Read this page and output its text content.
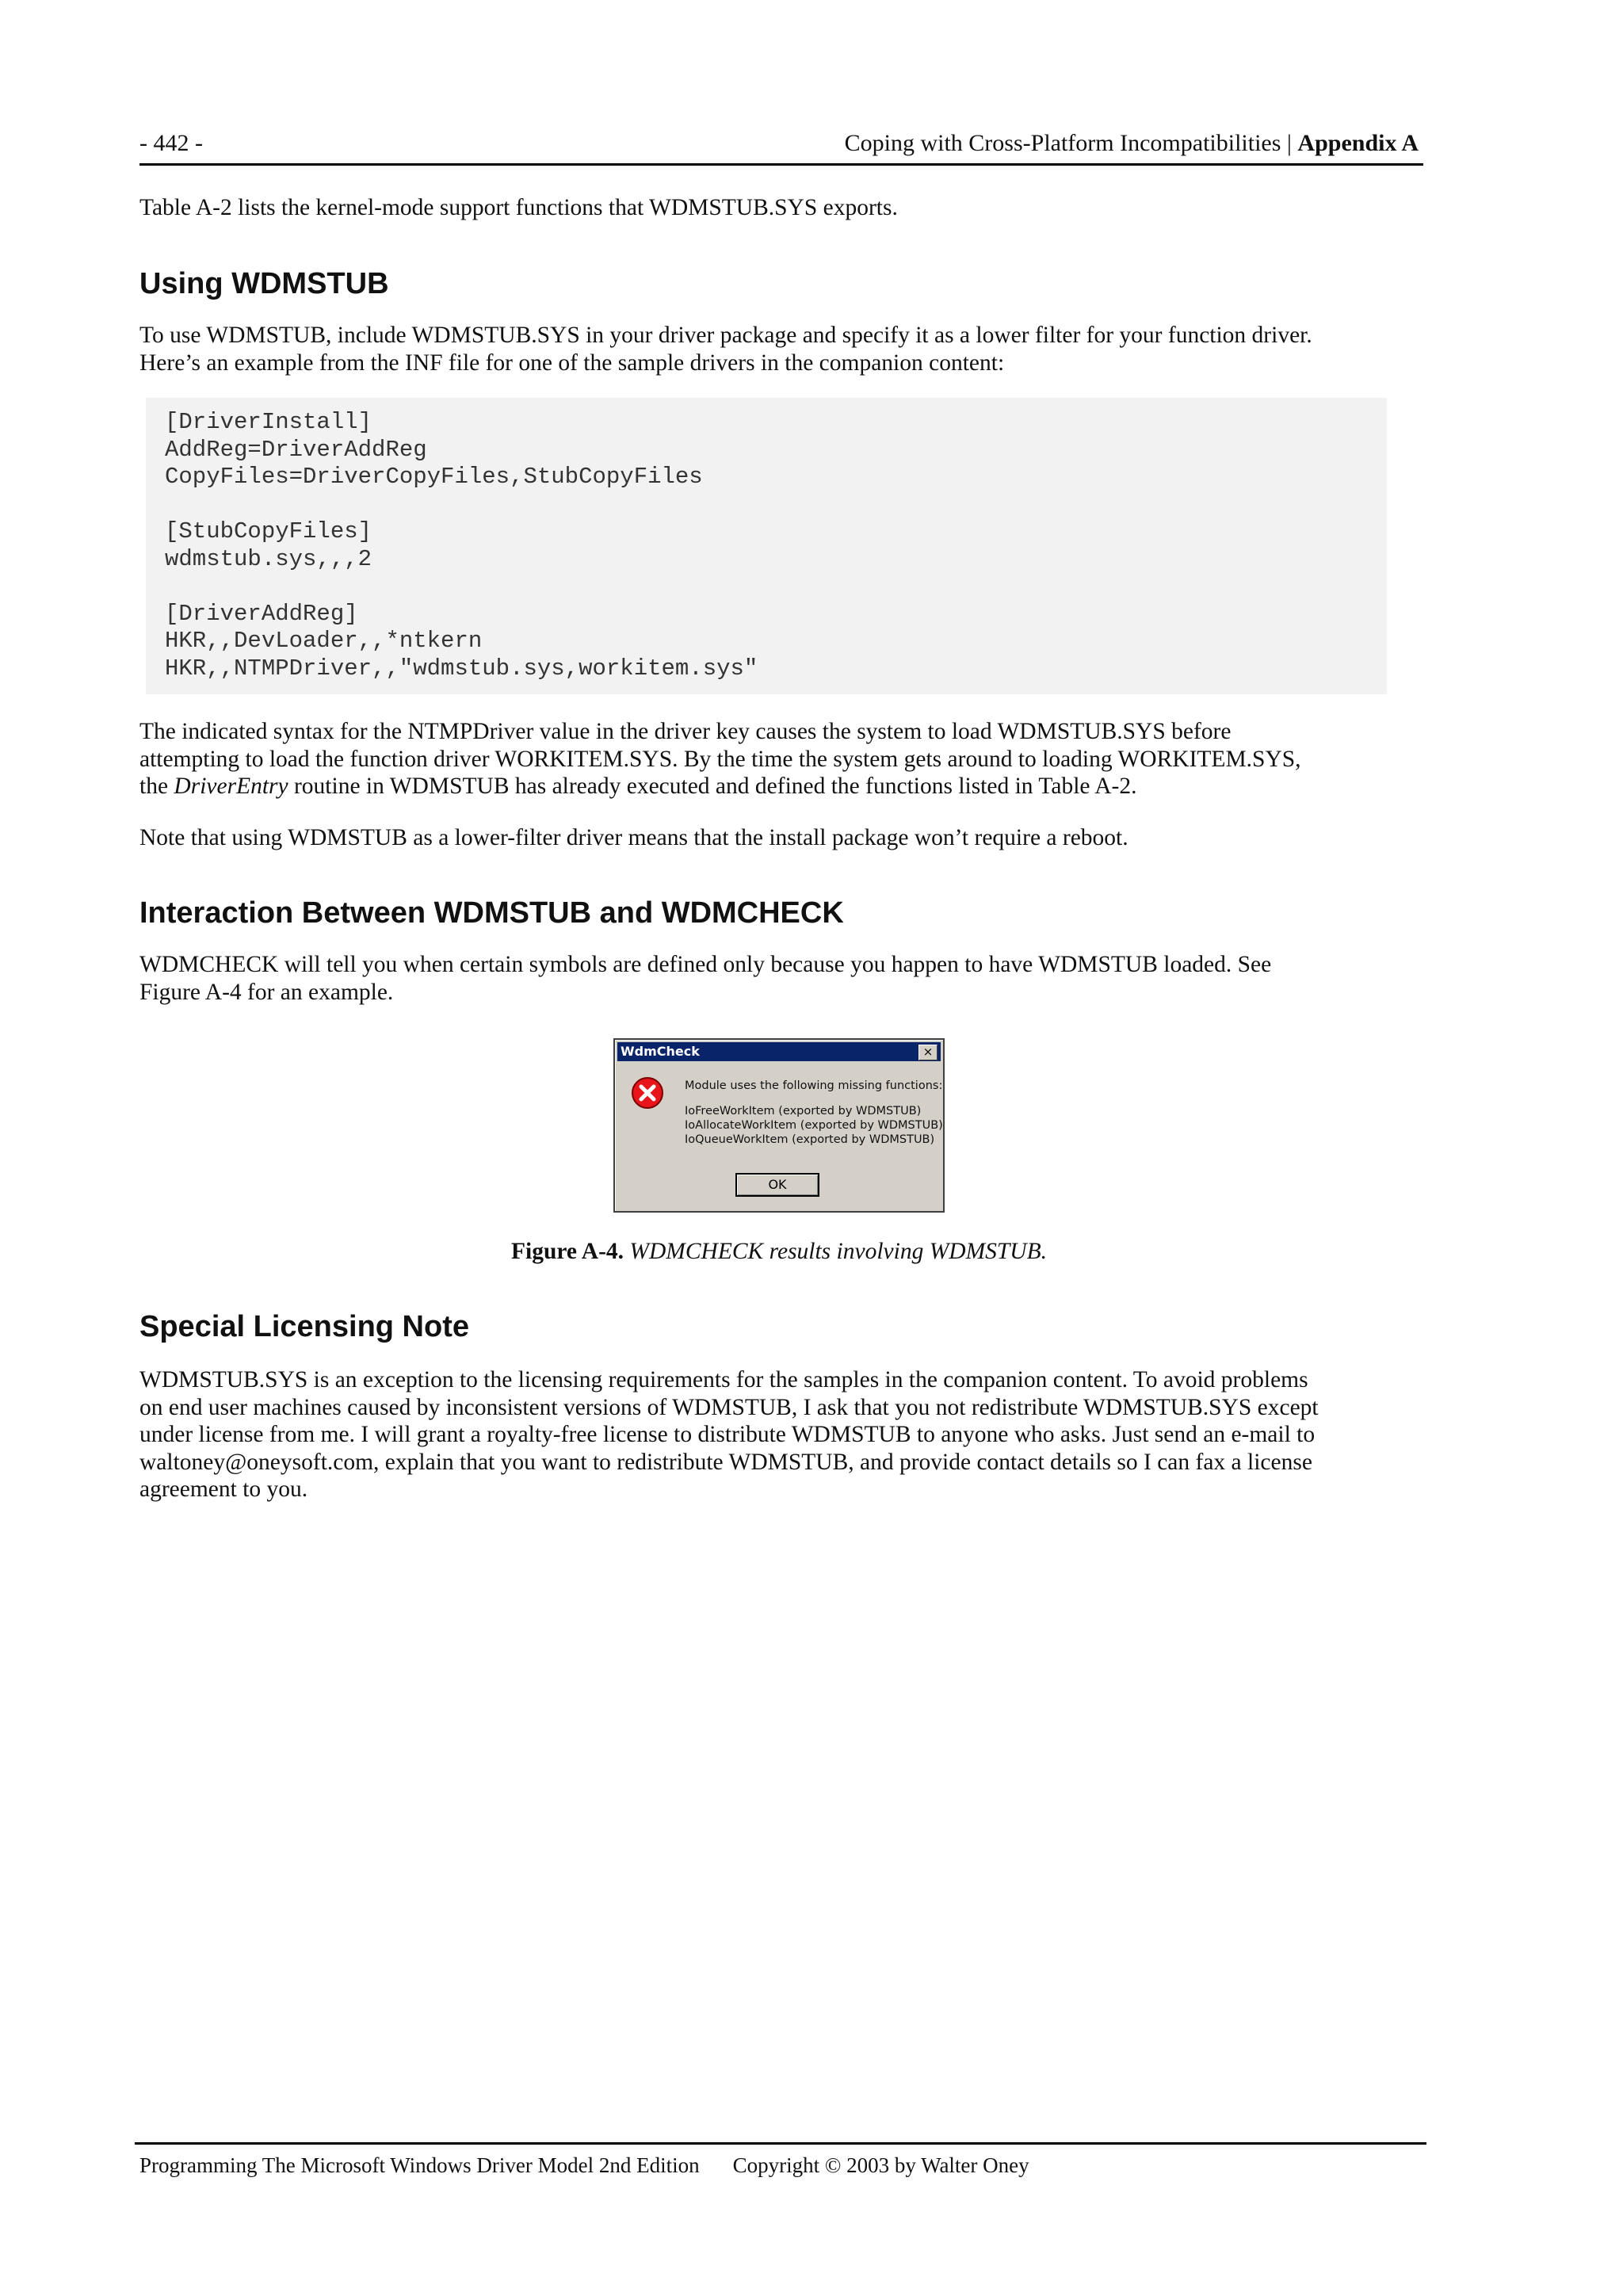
- 442 -	Coping with Cross-Platform Incompatibilities | Appendix A
Table A-2 lists the kernel-mode support functions that WDMSTUB.SYS exports.
Using WDMSTUB
To use WDMSTUB, include WDMSTUB.SYS in your driver package and specify it as a lower filter for your function driver.
Here’s an example from the INF file for one of the sample drivers in the companion content:
[DriverInstall]
AddReg=DriverAddReg
CopyFiles=DriverCopyFiles,StubCopyFiles

[StubCopyFiles]
wdmstub.sys,,,2

[DriverAddReg]
HKR,,DevLoader,,*ntkern
HKR,,NTMPDriver,,"wdmstub.sys,workitem.sys"
The indicated syntax for the NTMPDriver value in the driver key causes the system to load WDMSTUB.SYS before
attempting to load the function driver WORKITEM.SYS. By the time the system gets around to loading WORKITEM.SYS,
the DriverEntry routine in WDMSTUB has already executed and defined the functions listed in Table A-2.
Note that using WDMSTUB as a lower-filter driver means that the install package won’t require a reboot.
Interaction Between WDMSTUB and WDMCHECK
WDMCHECK will tell you when certain symbols are defined only because you happen to have WDMSTUB loaded. See
Figure A-4 for an example.
WdmCheck	×
Module uses the following missing functions:
IoFreeWorkItem (exported by WDMSTUB)
IoAllocateWorkItem (exported by WDMSTUB)
IoQueueWorkItem (exported by WDMSTUB)
OK
Figure A-4. WDMCHECK results involving WDMSTUB.
Special Licensing Note
WDMSTUB.SYS is an exception to the licensing requirements for the samples in the companion content. To avoid problems
on end user machines caused by inconsistent versions of WDMSTUB, I ask that you not redistribute WDMSTUB.SYS except
under license from me. I will grant a royalty-free license to distribute WDMSTUB to anyone who asks. Just send an e-mail to
waltoney@oneysoft.com, explain that you want to redistribute WDMSTUB, and provide contact details so I can fax a license
agreement to you.
Programming The Microsoft Windows Driver Model 2nd Edition Copyright © 2003 by Walter Oney
